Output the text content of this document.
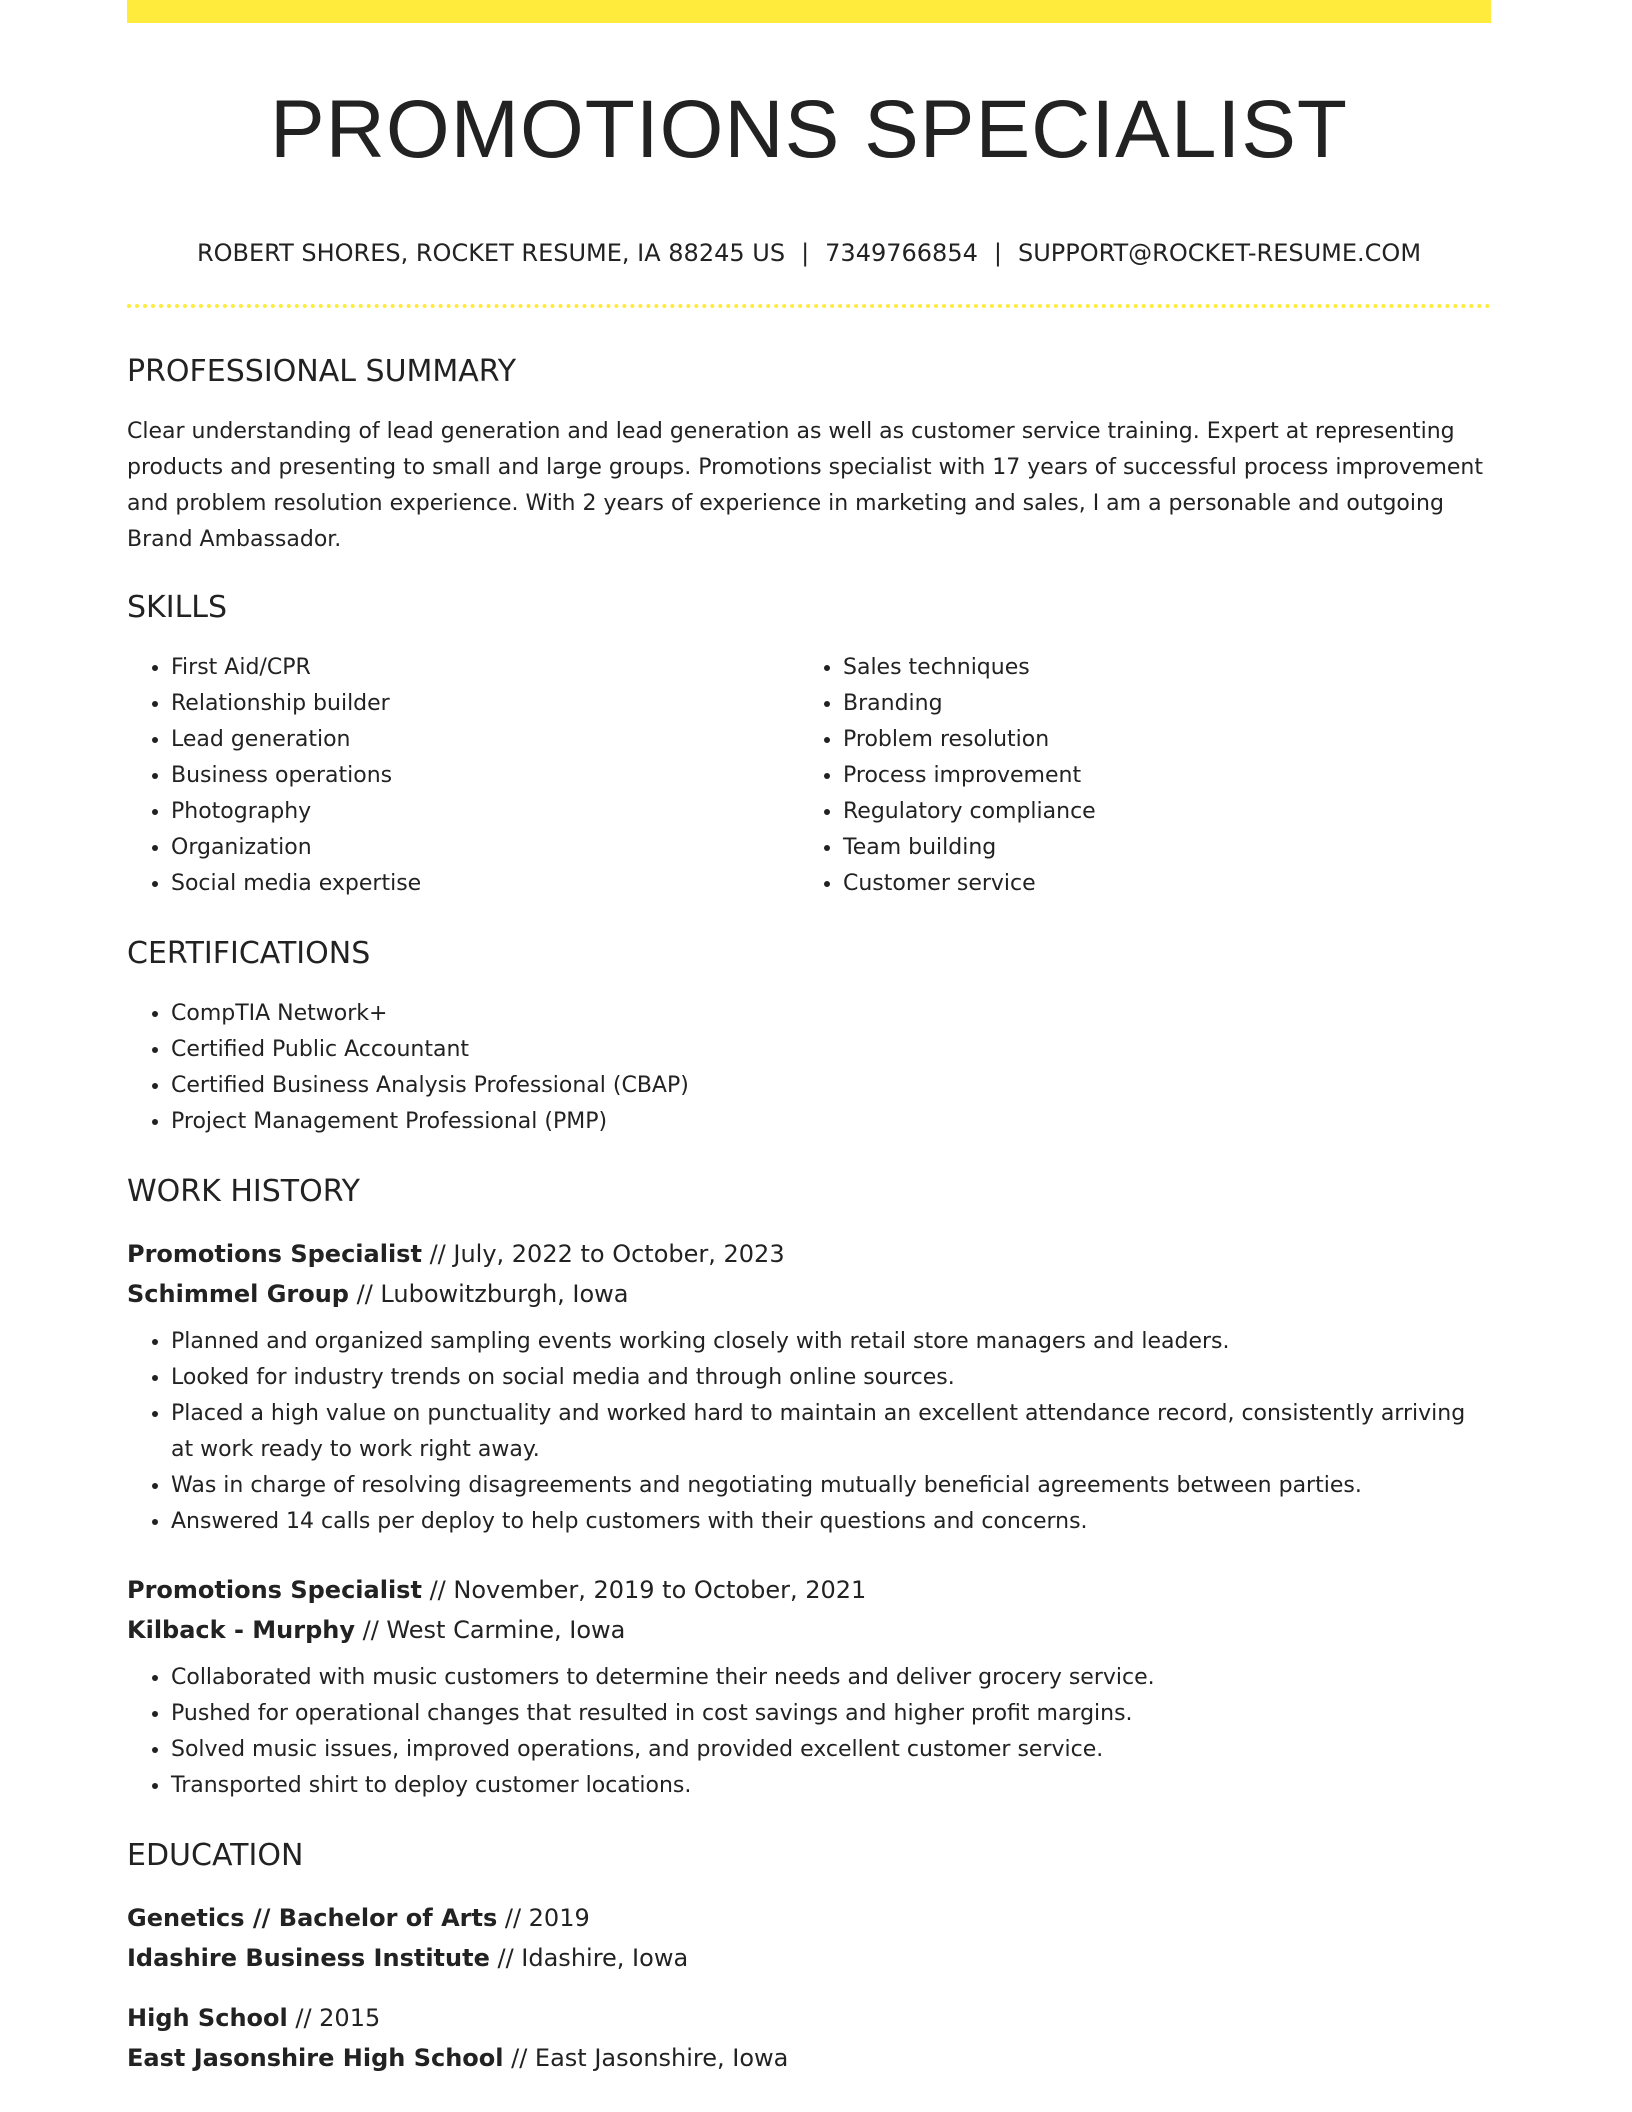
PROMOTIONS SPECIALIST
ROBERT SHORES, ROCKET RESUME, IA 88245 US | 7349766854 | SUPPORT@ROCKET-RESUME.COM
PROFESSIONAL SUMMARY

Clear understanding of lead generation and lead generation as well as customer service training. Expert at representing products and presenting to small and large groups. Promotions specialist with 17 years of successful process improvement and problem resolution experience. With 2 years of experience in marketing and sales, I am a personable and outgoing Brand Ambassador.

SKILLS
• First Aid/CPR
• Relationship builder
• Lead generation
• Business operations
• Photography
• Organization
• Social media expertise
• Sales techniques
• Branding
• Problem resolution
• Process improvement
• Regulatory compliance
• Team building
• Customer service
CERTIFICATIONS
• CompTIA Network+
• Certified Public Accountant
• Certified Business Analysis Professional (CBAP)
• Project Management Professional (PMP)
WORK HISTORY
Promotions Specialist // July, 2022 to October, 2023
Schimmel Group // Lubowitzburgh, Iowa
• Planned and organized sampling events working closely with retail store managers and leaders.
• Looked for industry trends on social media and through online sources.
• Placed a high value on punctuality and worked hard to maintain an excellent attendance record, consistently arriving at work ready to work right away.
• Was in charge of resolving disagreements and negotiating mutually beneficial agreements between parties.
• Answered 14 calls per deploy to help customers with their questions and concerns.
Promotions Specialist // November, 2019 to October, 2021
Kilback - Murphy // West Carmine, Iowa
• Collaborated with music customers to determine their needs and deliver grocery service.
• Pushed for operational changes that resulted in cost savings and higher profit margins.
• Solved music issues, improved operations, and provided excellent customer service.
• Transported shirt to deploy customer locations.
EDUCATION
Genetics // Bachelor of Arts // 2019
Idashire Business Institute // Idashire, Iowa
High School // 2015
East Jasonshire High School // East Jasonshire, Iowa
